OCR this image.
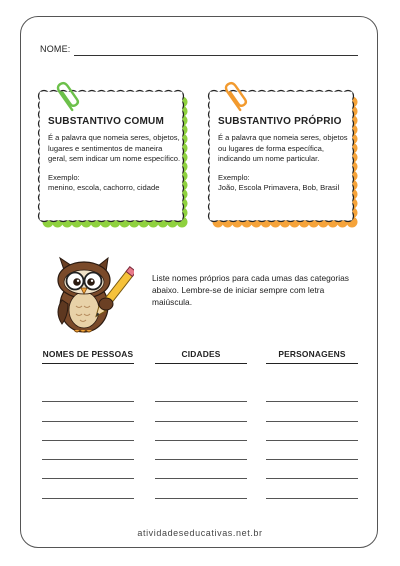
NOME:

SUBSTANTIVO COMUM

É a palavra que nomeia seres, objetos, lugares e sentimentos de maneira geral, sem indicar um nome específico.

Exemplo:

menino, escola, cachorro, cidade

SUBSTANTIVO PRÓPRIO

É a palavra que nomeia seres, objetos ou lugares de forma específica, indicando um nome particular.

Exemplo:

João, Escola Primavera, Bob, Brasil

Liste nomes próprios para cada umas das categorias abaixo. Lembre-se de iniciar sempre com letra maiúscula.
NOMES DE PESSOAS	CIDADES	PERSONAGENS
atividadeseducativas.net.br
